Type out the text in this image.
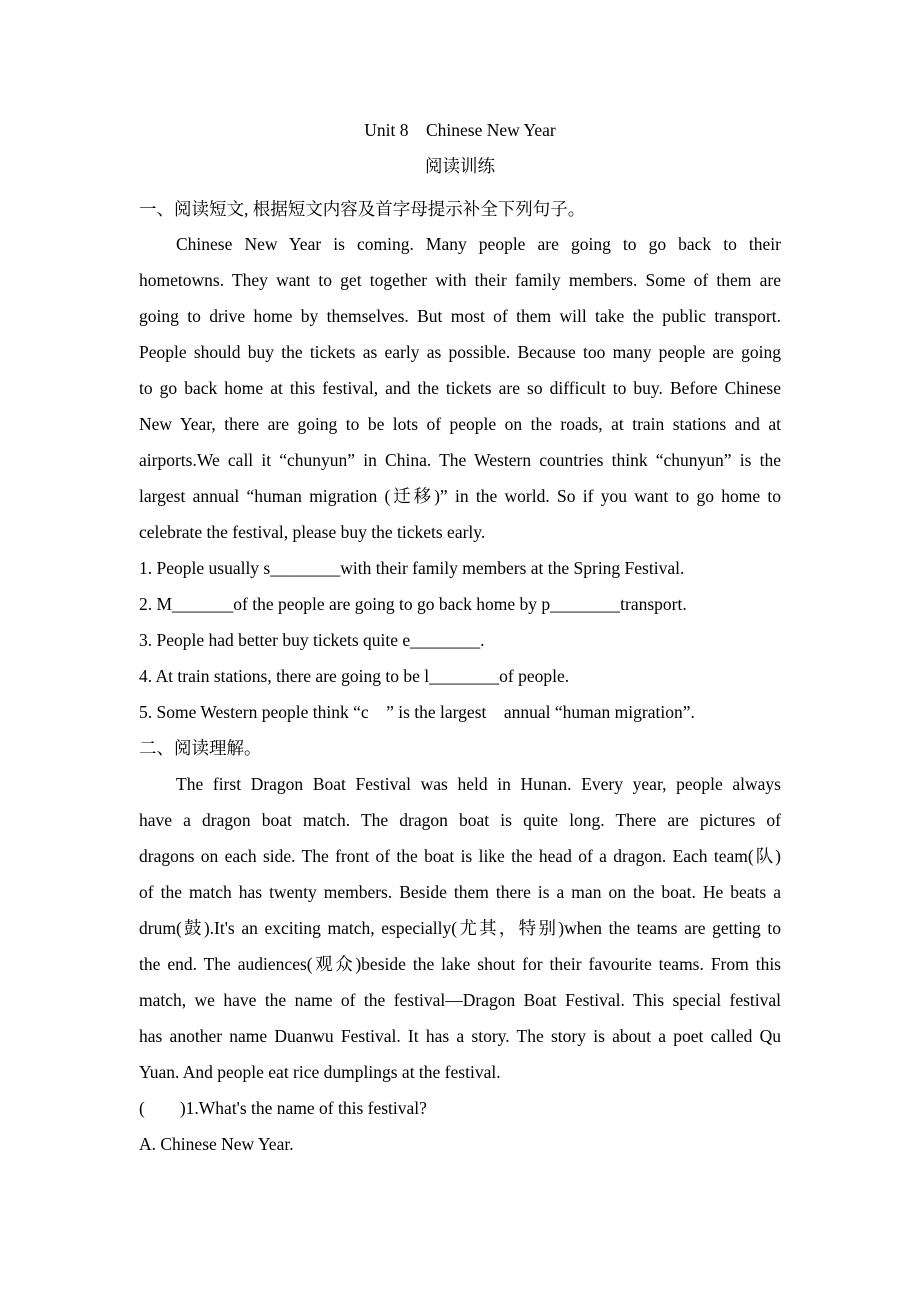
Unit 8    Chinese New Year
阅读训练
一、阅读短文, 根据短文内容及首字母提示补全下列句子。
Chinese New Year is coming. Many people are going to go back to their
hometowns. They want to get together with their family members. Some of them are
going to drive home by themselves. But most of them will take the public transport.
People should buy the tickets as early as possible. Because too many people are going
to go back home at this festival, and the tickets are so difficult to buy. Before Chinese
New Year, there are going to be lots of people on the roads, at train stations and at
airports.We call it “chunyun” in China. The Western countries think “chunyun” is the
largest annual “human migration (迁移)” in the world. So if you want to go home to
celebrate the festival, please buy the tickets early.
1. People usually s________with their family members at the Spring Festival.
2. M_______of the people are going to go back home by p________transport.
3. People had better buy tickets quite e________.
4. At train stations, there are going to be l________of people.
5. Some Western people think “c    ” is the largest    annual “human migration”.
二、阅读理解。
The first Dragon Boat Festival was held in Hunan. Every year, people always
have a dragon boat match. The dragon boat is quite long. There are pictures of
dragons on each side. The front of the boat is like the head of a dragon. Each team(队)
of the match has twenty members. Beside them there is a man on the boat. He beats a
drum(鼓).It's an exciting match, especially(尤其，特别)when the teams are getting to
the end. The audiences(观众)beside the lake shout for their favourite teams. From this
match, we have the name of the festival—Dragon Boat Festival. This special festival
has another name Duanwu Festival. It has a story. The story is about a poet called Qu
Yuan. And people eat rice dumplings at the festival.
(        )1.What's the name of this festival?
A. Chinese New Year.
